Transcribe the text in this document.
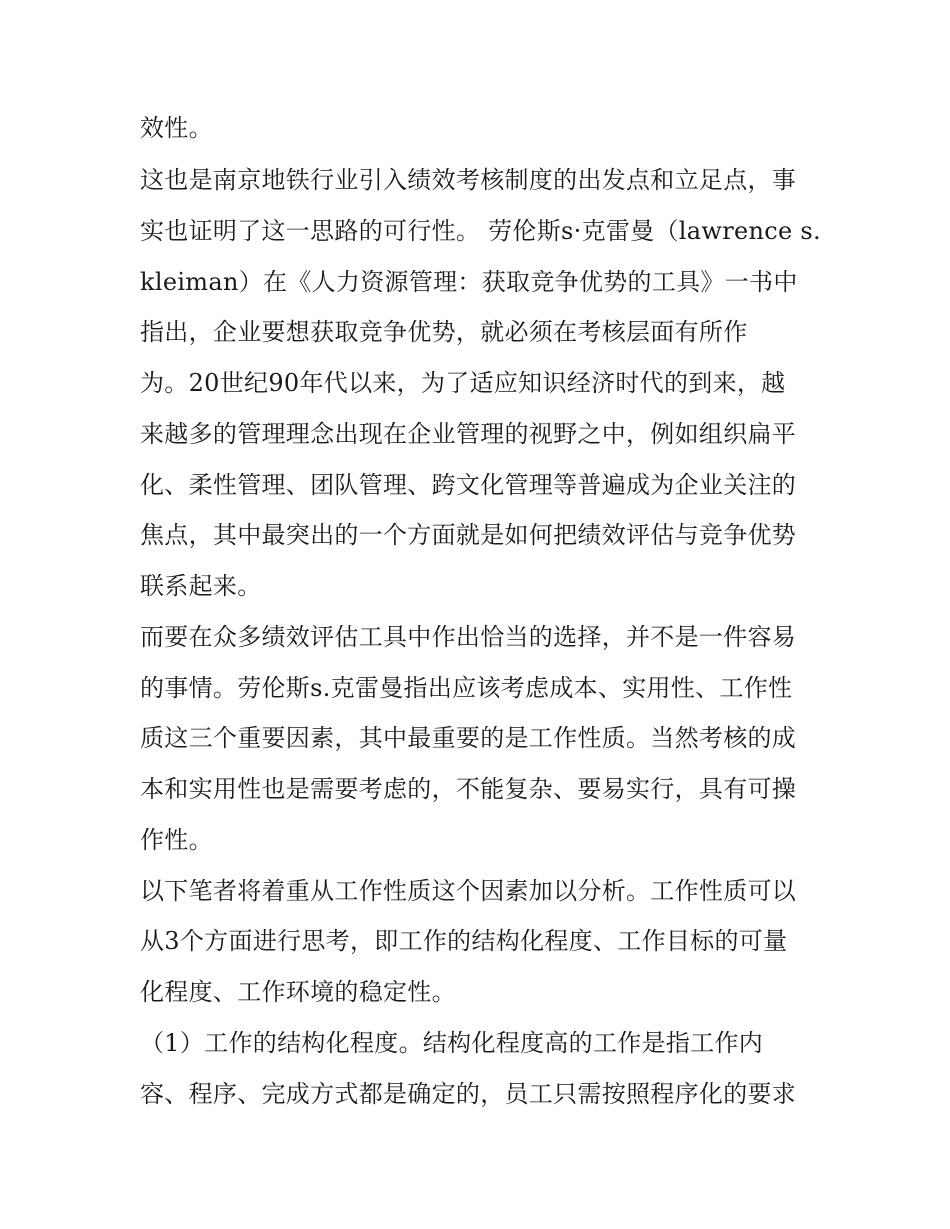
效性。
这也是南京地铁行业引入绩效考核制度的出发点和立足点，事
实也证明了这一思路的可行性。 劳伦斯s·克雷曼（lawrence s.
kleiman）在《人力资源管理：获取竞争优势的工具》一书中
指出，企业要想获取竞争优势，就必须在考核层面有所作
为。20世纪90年代以来，为了适应知识经济时代的到来，越
来越多的管理理念出现在企业管理的视野之中，例如组织扁平
化、柔性管理、团队管理、跨文化管理等普遍成为企业关注的
焦点，其中最突出的一个方面就是如何把绩效评估与竞争优势
联系起来。
而要在众多绩效评估工具中作出恰当的选择，并不是一件容易
的事情。劳伦斯s.克雷曼指出应该考虑成本、实用性、工作性
质这三个重要因素，其中最重要的是工作性质。当然考核的成
本和实用性也是需要考虑的，不能复杂、要易实行，具有可操
作性。
以下笔者将着重从工作性质这个因素加以分析。工作性质可以
从3个方面进行思考，即工作的结构化程度、工作目标的可量
化程度、工作环境的稳定性。
（1）工作的结构化程度。结构化程度高的工作是指工作内
容、程序、完成方式都是确定的，员工只需按照程序化的要求
